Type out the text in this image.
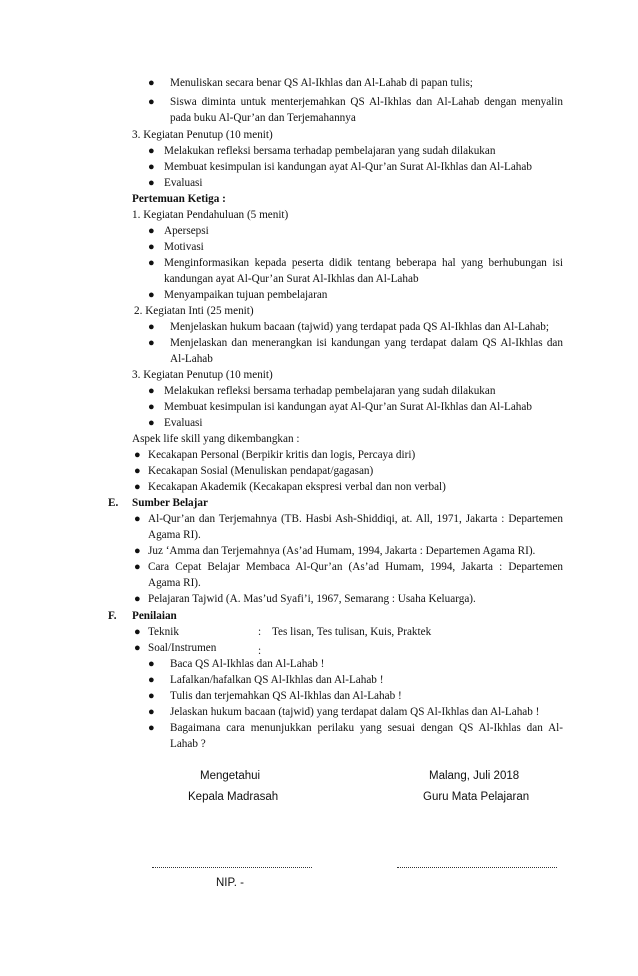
● Menuliskan secara benar QS Al-Ikhlas dan Al-Lahab di papan tulis;
● Siswa diminta untuk menterjemahkan QS Al-Ikhlas dan Al-Lahab dengan menyalin
pada buku Al-Qur’an dan Terjemahannya
3. Kegiatan Penutup (10 menit)
● Melakukan refleksi bersama terhadap pembelajaran yang sudah dilakukan
● Membuat kesimpulan isi kandungan ayat Al-Qur’an Surat Al-Ikhlas dan Al-Lahab
● Evaluasi
Pertemuan Ketiga :
1. Kegiatan Pendahuluan (5 menit)
● Apersepsi
● Motivasi
● Menginformasikan kepada peserta didik tentang beberapa hal yang berhubungan isi
kandungan ayat Al-Qur’an Surat Al-Ikhlas dan Al-Lahab
● Menyampaikan tujuan pembelajaran
2. Kegiatan Inti (25 menit)
● Menjelaskan hukum bacaan (tajwid) yang terdapat pada QS Al-Ikhlas dan Al-Lahab;
● Menjelaskan dan menerangkan isi kandungan yang terdapat dalam QS Al-Ikhlas dan
Al-Lahab
3. Kegiatan Penutup (10 menit)
● Melakukan refleksi bersama terhadap pembelajaran yang sudah dilakukan
● Membuat kesimpulan isi kandungan ayat Al-Qur’an Surat Al-Ikhlas dan Al-Lahab
● Evaluasi
Aspek life skill yang dikembangkan :
● Kecakapan Personal (Berpikir kritis dan logis, Percaya diri)
● Kecakapan Sosial (Menuliskan pendapat/gagasan)
● Kecakapan Akademik (Kecakapan ekspresi verbal dan non verbal)
E. Sumber Belajar
● Al-Qur’an dan Terjemahnya (TB. Hasbi Ash-Shiddiqi, at. All, 1971, Jakarta : Departemen
Agama RI).
● Juz ‘Amma dan Terjemahnya (As’ad Humam, 1994, Jakarta : Departemen Agama RI).
● Cara Cepat Belajar Membaca Al-Qur’an (As’ad Humam, 1994, Jakarta : Departemen
Agama RI).
● Pelajaran Tajwid (A. Mas’ud Syafi’i, 1967, Semarang : Usaha Keluarga).
F. Penilaian
● Teknik	: Tes lisan, Tes tulisan, Kuis, Praktek
● Soal/Instrumen	:
● Baca QS Al-Ikhlas dan Al-Lahab !
● Lafalkan/hafalkan QS Al-Ikhlas dan Al-Lahab !
● Tulis dan terjemahkan QS Al-Ikhlas dan Al-Lahab !
● Jelaskan hukum bacaan (tajwid) yang terdapat dalam QS Al-Ikhlas dan Al-Lahab !
● Bagaimana cara menunjukkan perilaku yang sesuai dengan QS Al-Ikhlas dan Al-
Lahab ?
Mengetahui
Kepala Madrasah
Malang, Juli 2018
Guru Mata Pelajaran
NIP. -
